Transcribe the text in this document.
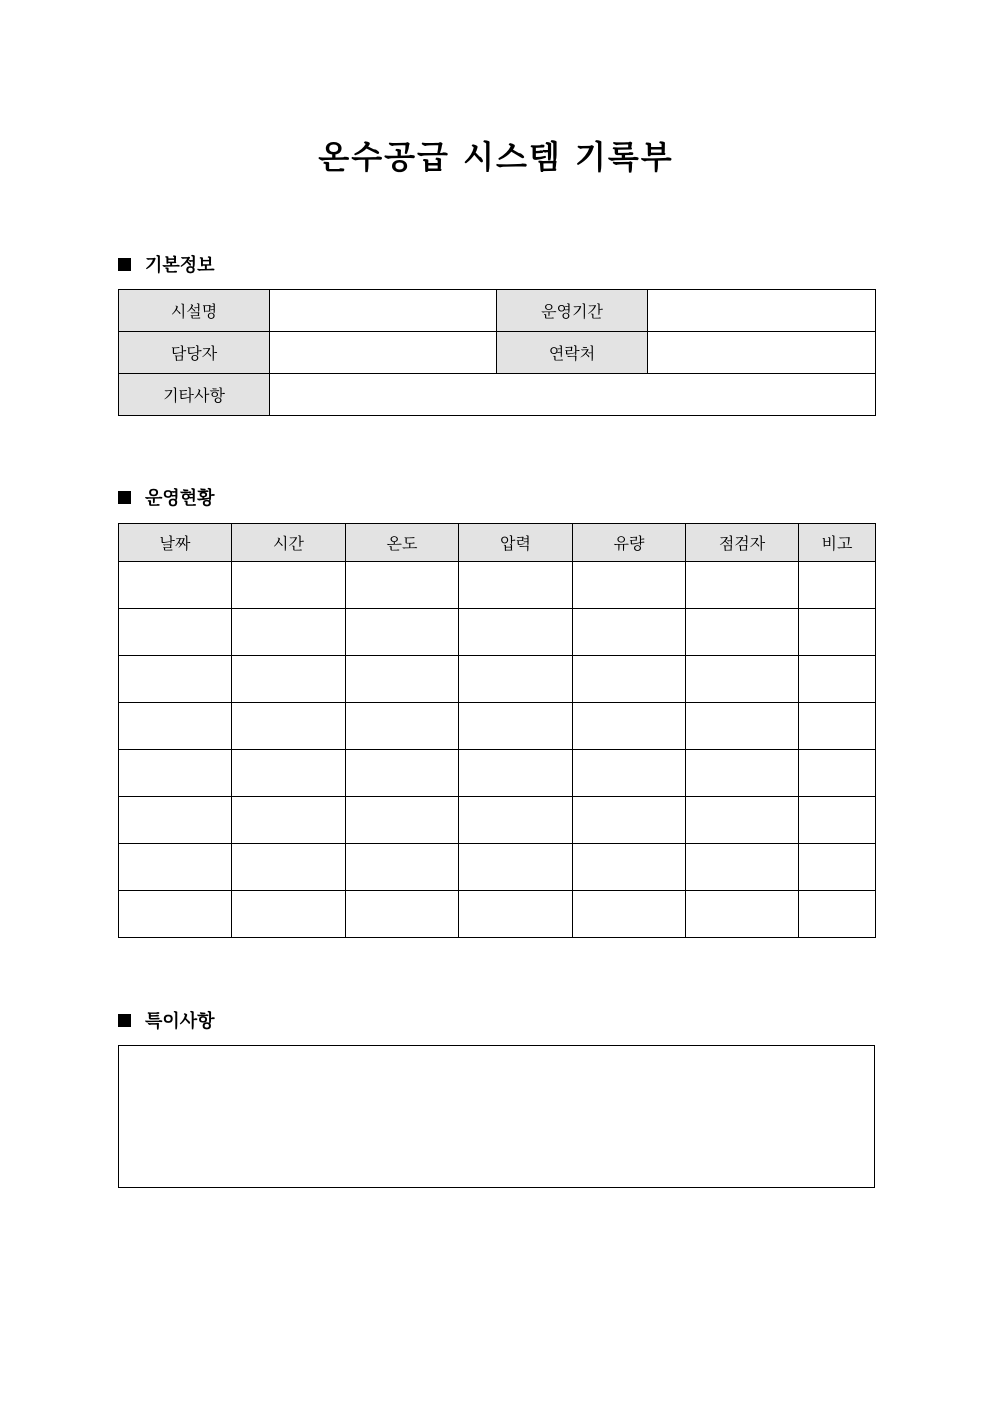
온수공급 시스템 기록부
기본정보
시설명		운영기간	
담당자		연락처	
기타사항			
운영현황
날짜	시간	온도	압력	유량	점검자	비고

특이사항
